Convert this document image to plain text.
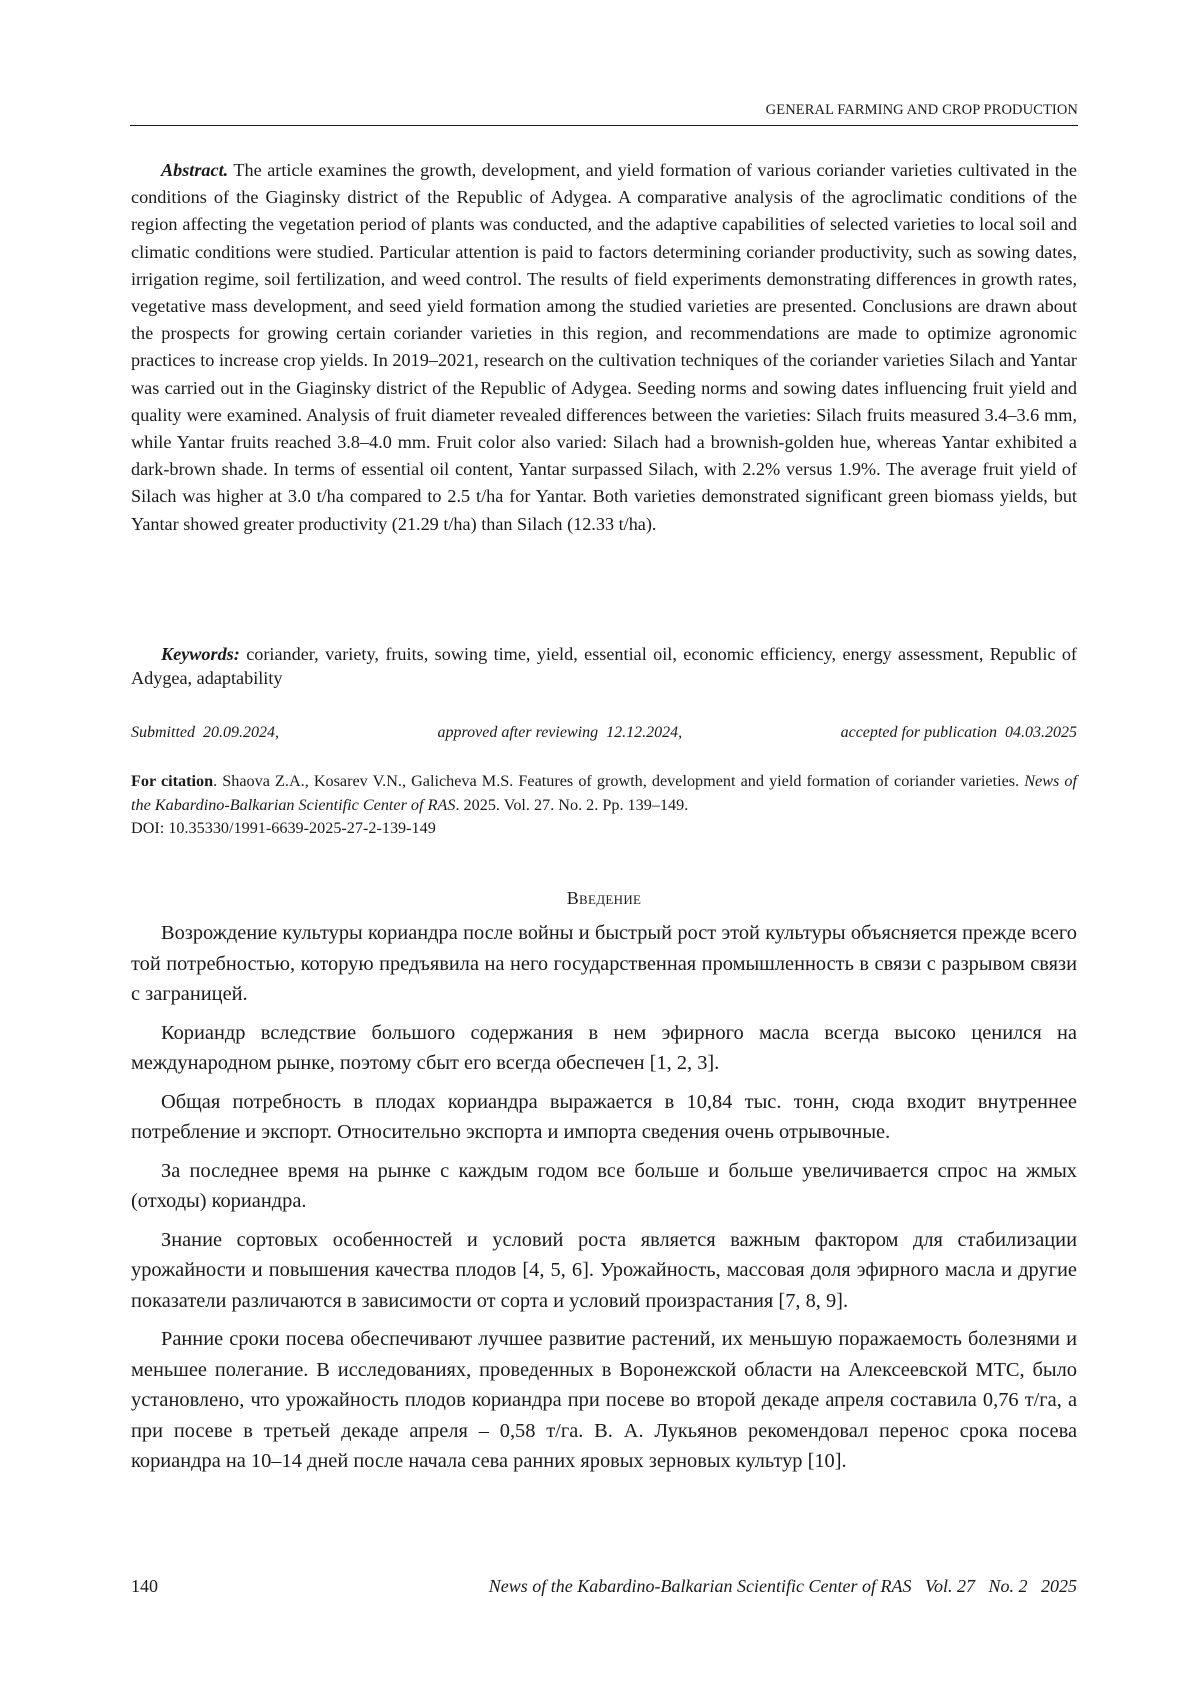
GENERAL FARMING AND CROP PRODUCTION

Abstract. The article examines the growth, development, and yield formation of various coriander varieties cultivated in the conditions of the Giaginsky district of the Republic of Adygea. A comparative analysis of the agroclimatic conditions of the region affecting the vegetation period of plants was conducted, and the adaptive capabilities of selected varieties to local soil and climatic conditions were studied. Particular attention is paid to factors determining coriander productivity, such as sowing dates, irrigation regime, soil fertilization, and weed control. The results of field experiments demonstrating differences in growth rates, vegetative mass development, and seed yield formation among the studied varieties are presented. Conclusions are drawn about the prospects for growing certain coriander varieties in this region, and recommendations are made to optimize agronomic practices to increase crop yields. In 2019–2021, research on the cultivation techniques of the coriander varieties Silach and Yantar was carried out in the Giaginsky district of the Republic of Adygea. Seeding norms and sowing dates influencing fruit yield and quality were examined. Analysis of fruit diameter revealed differences between the varieties: Silach fruits measured 3.4–3.6 mm, while Yantar fruits reached 3.8–4.0 mm. Fruit color also varied: Silach had a brownish-golden hue, whereas Yantar exhibited a dark-brown shade. In terms of essential oil content, Yantar surpassed Silach, with 2.2% versus 1.9%. The average fruit yield of Silach was higher at 3.0 t/ha compared to 2.5 t/ha for Yantar. Both varieties demonstrated significant green biomass yields, but Yantar showed greater productivity (21.29 t/ha) than Silach (12.33 t/ha).

Keywords: coriander, variety, fruits, sowing time, yield, essential oil, economic efficiency, energy assessment, Republic of Adygea, adaptability

Submitted  20.09.2024,	approved after reviewing  12.12.2024,	accepted for publication  04.03.2025

For citation. Shaova Z.A., Kosarev V.N., Galicheva M.S. Features of growth, development and yield formation of coriander varieties. News of the Kabardino-Balkarian Scientific Center of RAS. 2025. Vol. 27. No. 2. Pp. 139–149.
DOI: 10.35330/1991-6639-2025-27-2-139-149

Введение

Возрождение культуры кориандра после войны и быстрый рост этой культуры объясняется прежде всего той потребностью, которую предъявила на него государственная промышленность в связи с разрывом связи с заграницей.

Кориандр вследствие большого содержания в нем эфирного масла всегда высоко ценился на международном рынке, поэтому сбыт его всегда обеспечен [1, 2, 3].

Общая потребность в плодах кориандра выражается в 10,84 тыс. тонн, сюда входит внутреннее потребление и экспорт. Относительно экспорта и импорта сведения очень отрывочные.

За последнее время на рынке с каждым годом все больше и больше увеличивается спрос на жмых (отходы) кориандра.

Знание сортовых особенностей и условий роста является важным фактором для стабилизации урожайности и повышения качества плодов [4, 5, 6]. Урожайность, массовая доля эфирного масла и другие показатели различаются в зависимости от сорта и условий произрастания [7, 8, 9].

Ранние сроки посева обеспечивают лучшее развитие растений, их меньшую поражаемость болезнями и меньшее полегание. В исследованиях, проведенных в Воронежской области на Алексеевской МТС, было установлено, что урожайность плодов кориандра при посеве во второй декаде апреля составила 0,76 т/га, а при посеве в третьей декаде апреля – 0,58 т/га. В. А. Лукьянов рекомендовал перенос срока посева кориандра на 10–14 дней после начала сева ранних яровых зерновых культур [10].

140	News of the Kabardino-Balkarian Scientific Center of RAS   Vol. 27   No. 2   2025
